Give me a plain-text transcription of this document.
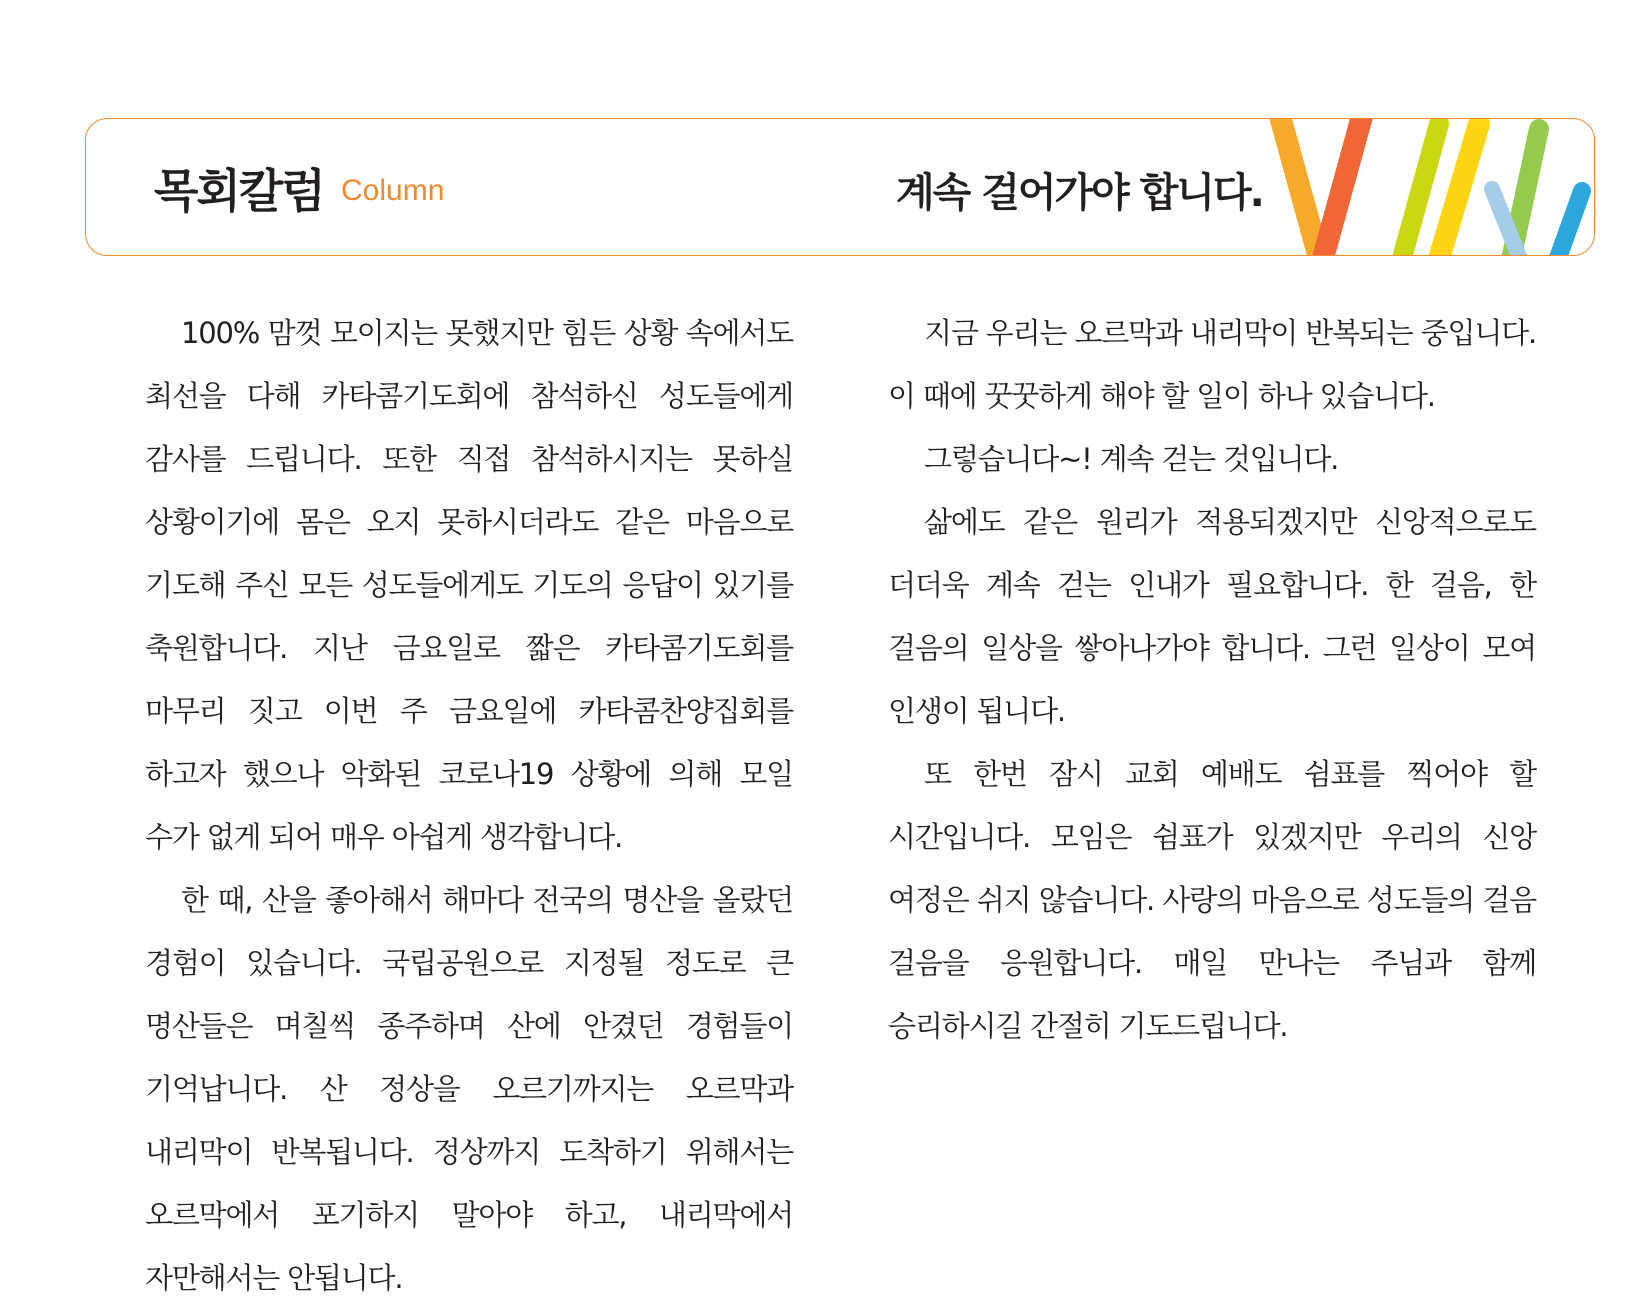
목회칼럼 Column	계속 걸어가야 합니다.

100% 맘껏 모이지는 못했지만 힘든 상황 속에서도 최선을 다해 카타콤기도회에 참석하신 성도들에게 감사를 드립니다. 또한 직접 참석하시지는 못하실 상황이기에 몸은 오지 못하시더라도 같은 마음으로 기도해 주신 모든 성도들에게도 기도의 응답이 있기를 축원합니다. 지난 금요일로 짧은 카타콤기도회를 마무리 짓고 이번 주 금요일에 카타콤찬양집회를 하고자 했으나 악화된 코로나19 상황에 의해 모일 수가 없게 되어 매우 아쉽게 생각합니다.

한 때, 산을 좋아해서 해마다 전국의 명산을 올랐던 경험이 있습니다. 국립공원으로 지정될 정도로 큰 명산들은 며칠씩 종주하며 산에 안겼던 경험들이 기억납니다. 산 정상을 오르기까지는 오르막과 내리막이 반복됩니다. 정상까지 도착하기 위해서는 오르막에서 포기하지 말아야 하고, 내리막에서 자만해서는 안됩니다.

지금 우리는 오르막과 내리막이 반복되는 중입니다. 이 때에 꿋꿋하게 해야 할 일이 하나 있습니다.

그렇습니다~! 계속 걷는 것입니다.

삶에도 같은 원리가 적용되겠지만 신앙적으로도 더더욱 계속 걷는 인내가 필요합니다. 한 걸음, 한 걸음의 일상을 쌓아나가야 합니다. 그런 일상이 모여 인생이 됩니다.

또 한번 잠시 교회 예배도 쉼표를 찍어야 할 시간입니다. 모임은 쉼표가 있겠지만 우리의 신앙 여정은 쉬지 않습니다. 사랑의 마음으로 성도들의 걸음 걸음을 응원합니다. 매일 만나는 주님과 함께 승리하시길 간절히 기도드립니다.
